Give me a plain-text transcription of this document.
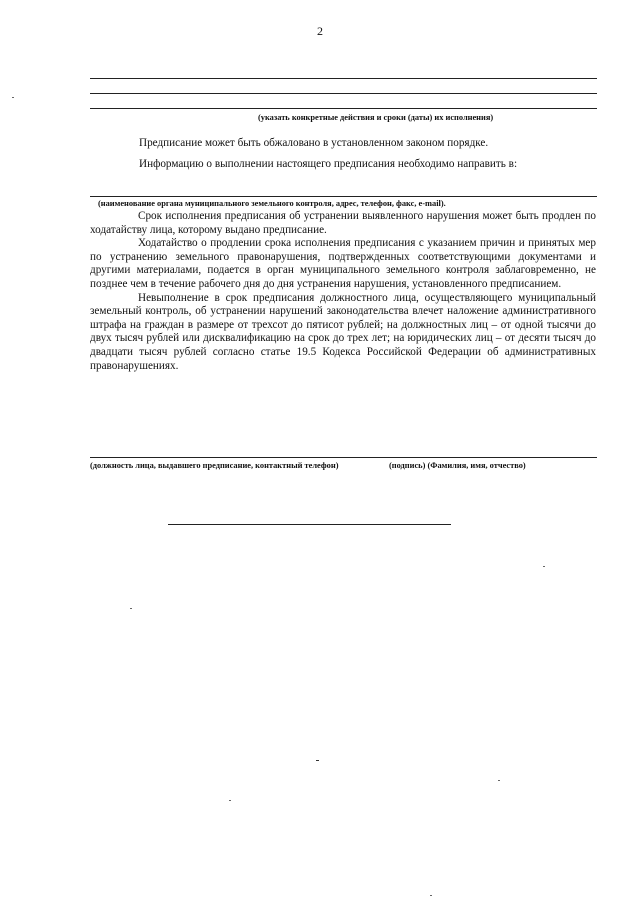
2
(указать конкретные действия и сроки (даты) их исполнения)
Предписание может быть обжаловано в установленном законом порядке.
Информацию о выполнении настоящего предписания необходимо направить в:
(наименование органа муниципального земельного контроля, адрес, телефон, факс, e-mail).

Срок исполнения предписания об устранении выявленного нарушения может быть продлен по ходатайству лица, которому выдано предписание.

Ходатайство о продлении срока исполнения предписания с указанием причин и принятых мер по устранению земельного правонарушения, подтвержденных соответствующими документами и другими материалами, подается в орган муниципального земельного контроля заблаговременно, не позднее чем в течение рабочего дня до дня устранения нарушения, установленного предписанием.

Невыполнение в срок предписания должностного лица, осуществляющего муниципальный земельный контроль, об устранении нарушений законодательства влечет наложение административного штрафа на граждан в размере от трехсот до пятисот рублей; на должностных лиц – от одной тысячи до двух тысяч рублей или дисквалификацию на срок до трех лет; на юридических лиц – от десяти тысяч до двадцати тысяч рублей согласно статье 19.5 Кодекса Российской Федерации об административных правонарушениях.

(должность лица, выдавшего предписание, контактный телефон)	(подпись) (Фамилия, имя, отчество)
